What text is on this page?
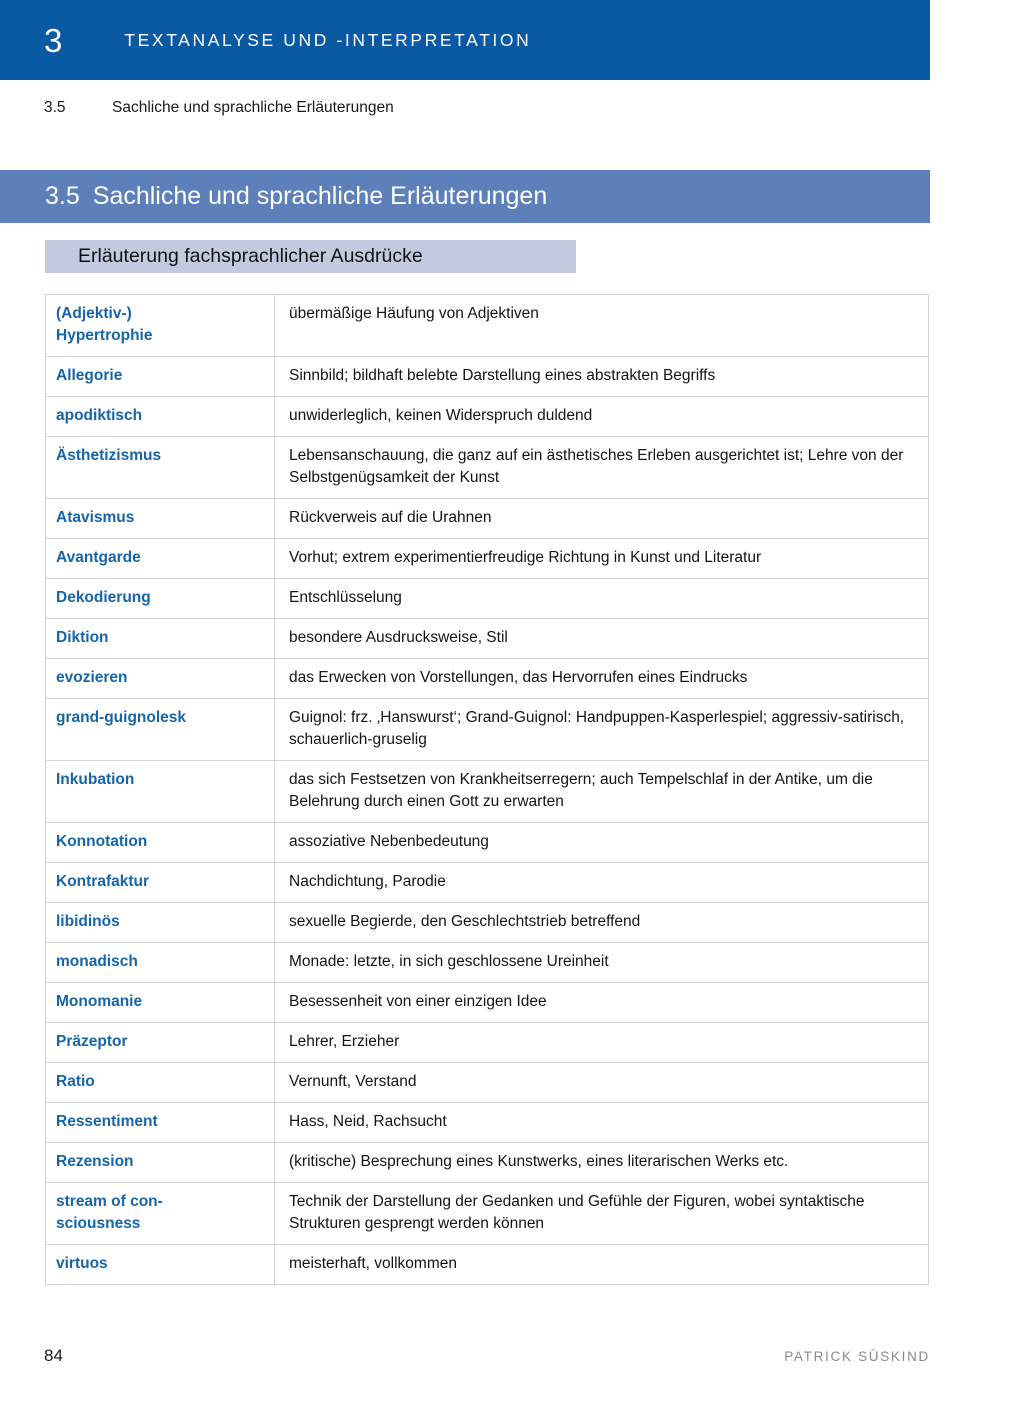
3	TEXTANALYSE UND -INTERPRETATION
3.5	Sachliche und sprachliche Erläuterungen
3.5 Sachliche und sprachliche Erläuterungen
Erläuterung fachsprachlicher Ausdrücke
(Adjektiv-)
Hypertrophie	übermäßige Häufung von Adjektiven

Allegorie	Sinnbild; bildhaft belebte Darstellung eines abstrakten Begriffs

apodiktisch	unwiderleglich, keinen Widerspruch duldend

Ästhetizismus	Lebensanschauung, die ganz auf ein ästhetisches Erleben ausgerichtet ist; Lehre von der Selbstgenügsamkeit der Kunst

Atavismus	Rückverweis auf die Urahnen

Avantgarde	Vorhut; extrem experimentierfreudige Richtung in Kunst und Literatur

Dekodierung	Entschlüsselung

Diktion	besondere Ausdrucksweise, Stil

evozieren	das Erwecken von Vorstellungen, das Hervorrufen eines Eindrucks

grand-guignolesk	Guignol: frz. ‚Hanswurst‘; Grand-Guignol: Handpuppen-Kasperlespiel; aggressiv-satirisch, schauerlich-gruselig

Inkubation	das sich Festsetzen von Krankheitserregern; auch Tempelschlaf in der Antike, um die Belehrung durch einen Gott zu erwarten

Konnotation	assoziative Nebenbedeutung

Kontrafaktur	Nachdichtung, Parodie

libidinös	sexuelle Begierde, den Geschlechtstrieb betreffend

monadisch	Monade: letzte, in sich geschlossene Ureinheit

Monomanie	Besessenheit von einer einzigen Idee

Präzeptor	Lehrer, Erzieher

Ratio	Vernunft, Verstand

Ressentiment	Hass, Neid, Rachsucht

Rezension	(kritische) Besprechung eines Kunstwerks, eines literarischen Werks etc.

stream of con-
sciousness	Technik der Darstellung der Gedanken und Gefühle der Figuren, wobei syntaktische Strukturen gesprengt werden können

virtuos	meisterhaft, vollkommen
84	PATRICK SÜSKIND
